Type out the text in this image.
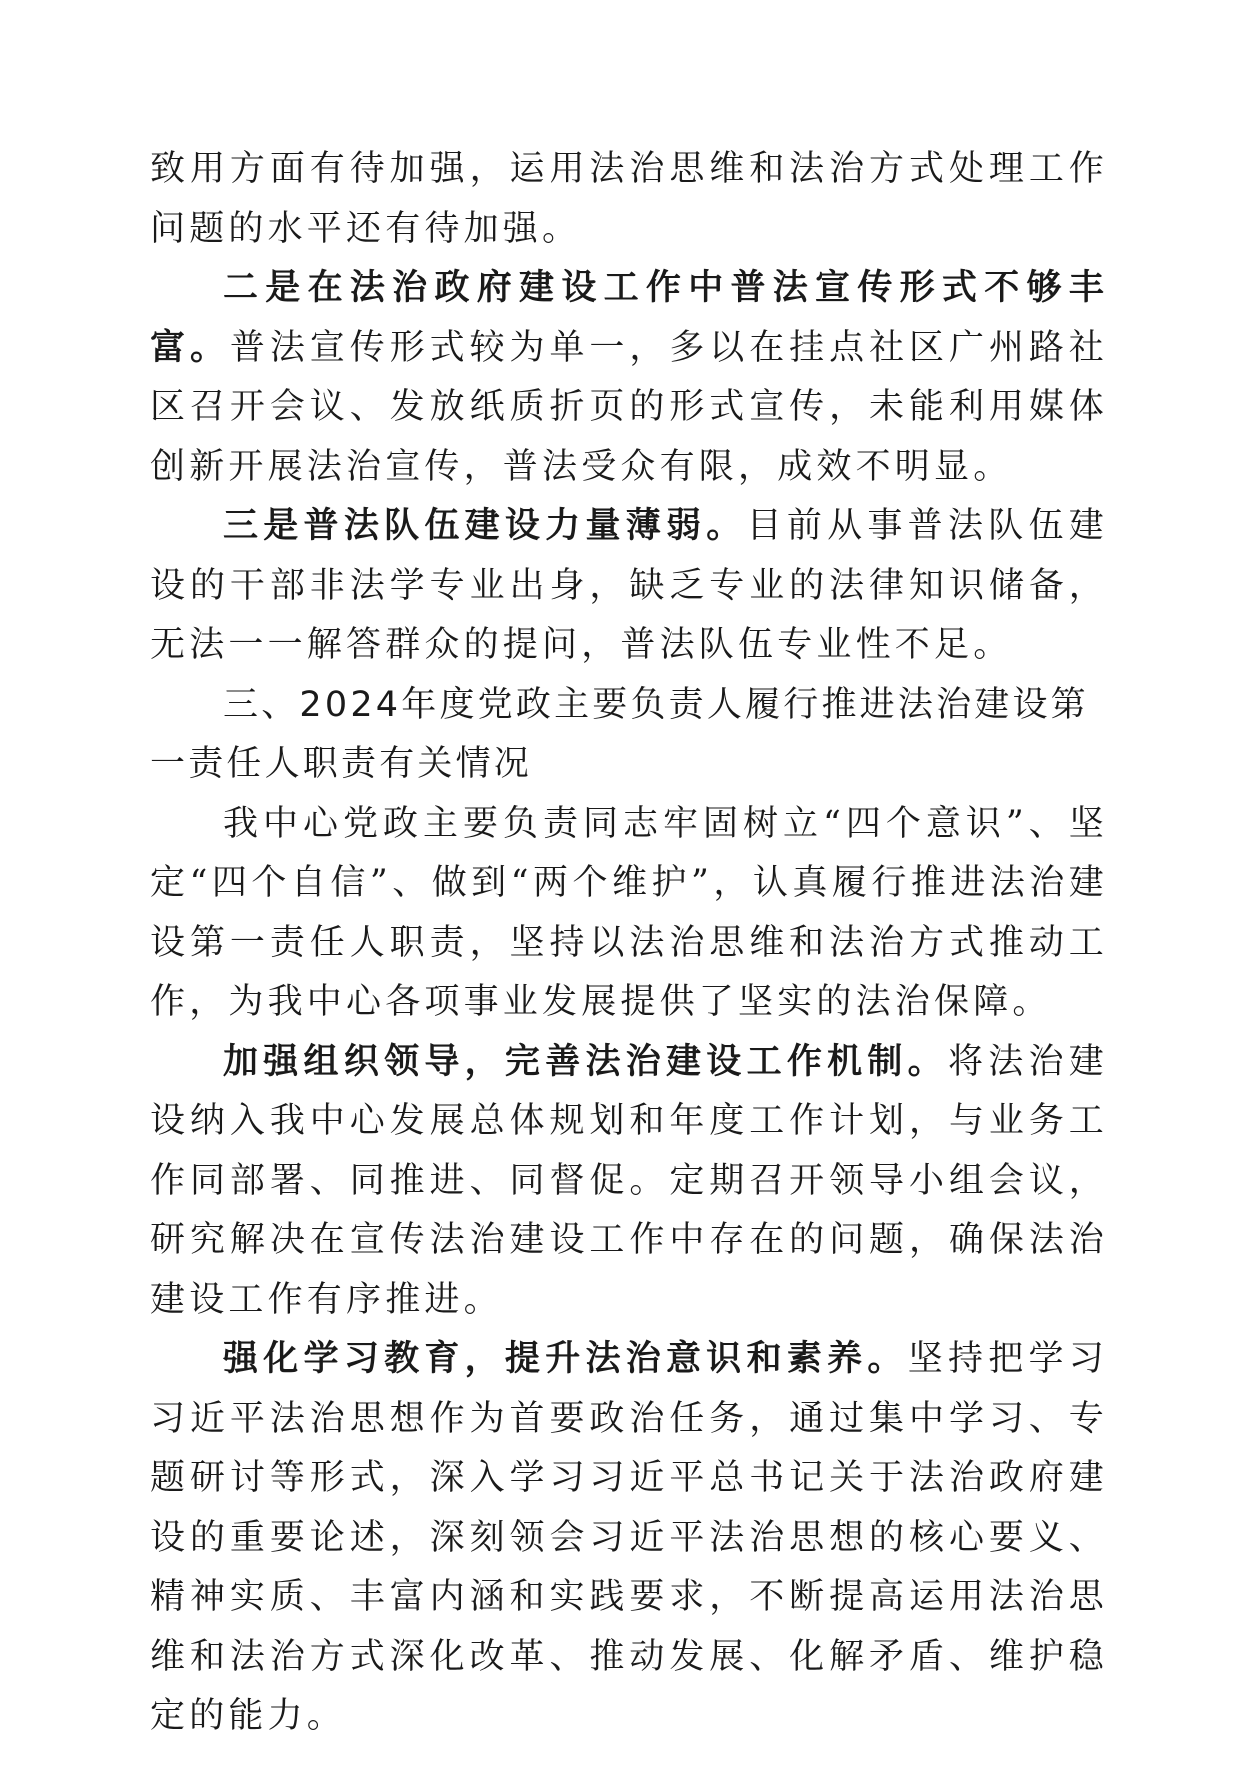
致用方面有待加强，运用法治思维和法治方式处理工作问题的水平还有待加强。

二是在法治政府建设工作中普法宣传形式不够丰富。普法宣传形式较为单一，多以在挂点社区广州路社区召开会议、发放纸质折页的形式宣传，未能利用媒体创新开展法治宣传，普法受众有限，成效不明显。

三是普法队伍建设力量薄弱。目前从事普法队伍建设的干部非法学专业出身，缺乏专业的法律知识储备，无法一一解答群众的提问，普法队伍专业性不足。

三、2024年度党政主要负责人履行推进法治建设第一责任人职责有关情况

我中心党政主要负责同志牢固树立“四个意识”、坚定“四个自信”、做到“两个维护”，认真履行推进法治建设第一责任人职责，坚持以法治思维和法治方式推动工作，为我中心各项事业发展提供了坚实的法治保障。

加强组织领导，完善法治建设工作机制。将法治建设纳入我中心发展总体规划和年度工作计划，与业务工作同部署、同推进、同督促。定期召开领导小组会议，研究解决在宣传法治建设工作中存在的问题，确保法治建设工作有序推进。

强化学习教育，提升法治意识和素养。坚持把学习习近平法治思想作为首要政治任务，通过集中学习、专题研讨等形式，深入学习习近平总书记关于法治政府建设的重要论述，深刻领会习近平法治思想的核心要义、精神实质、丰富内涵和实践要求，不断提高运用法治思维和法治方式深化改革、推动发展、化解矛盾、维护稳定的能力。
